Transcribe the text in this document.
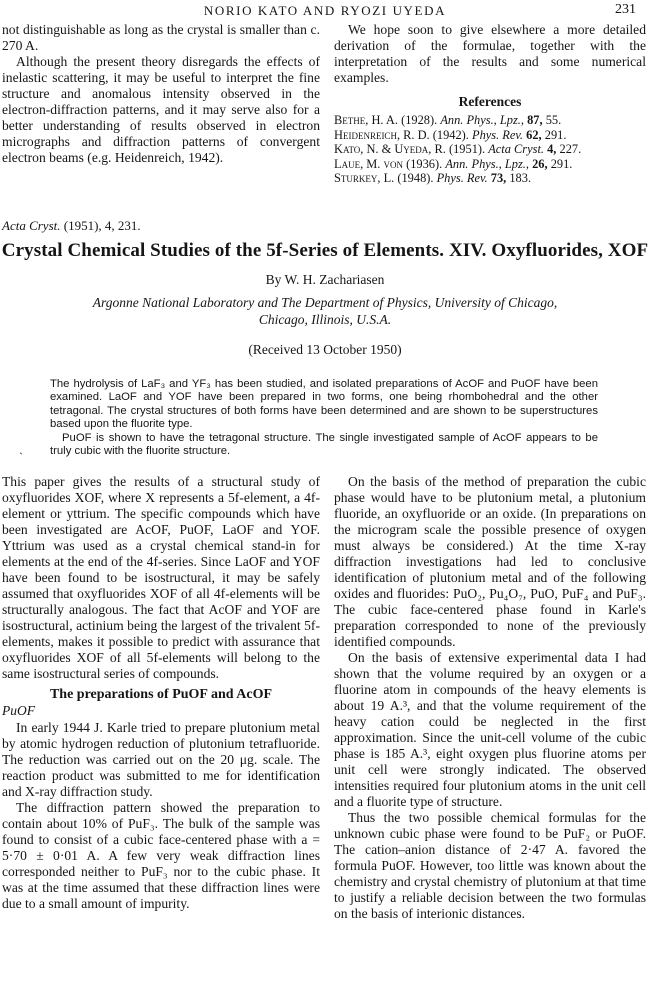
NORIO KATO AND RYOZI UYEDA	231

not distinguishable as long as the crystal is smaller than c. 270 A.

Although the present theory disregards the effects of inelastic scattering, it may be useful to interpret the fine structure and anomalous intensity observed in the electron-diffraction patterns, and it may serve also for a better understanding of results observed in electron micrographs and diffraction patterns of convergent electron beams (e.g. Heidenreich, 1942).

We hope soon to give elsewhere a more detailed derivation of the formulae, together with the interpretation of the results and some numerical examples.

References
Bethe, H. A. (1928). Ann. Phys., Lpz., 87, 55.
Heidenreich, R. D. (1942). Phys. Rev. 62, 291.
Kato, N. & Uyeda, R. (1951). Acta Cryst. 4, 227.
Laue, M. von (1936). Ann. Phys., Lpz., 26, 291.
Sturkey, L. (1948). Phys. Rev. 73, 183.
Acta Cryst. (1951), 4, 231.
Crystal Chemical Studies of the 5f-Series of Elements. XIV. Oxyfluorides, XOF
By W. H. Zachariasen
Argonne National Laboratory and The Department of Physics, University of Chicago,
Chicago, Illinois, U.S.A.
(Received 13 October 1950)

The hydrolysis of LaF₃ and YF₃ has been studied, and isolated preparations of AcOF and PuOF have been examined. LaOF and YOF have been prepared in two forms, one being rhombohedral and the other tetragonal. The crystal structures of both forms have been determined and are shown to be superstructures based upon the fluorite type.

PuOF is shown to have the tetragonal structure. The single investigated sample of AcOF appears to be truly cubic with the fluorite structure.

`

This paper gives the results of a structural study of oxyfluorides XOF, where X represents a 5f-element, a 4f-element or yttrium. The specific compounds which have been investigated are AcOF, PuOF, LaOF and YOF. Yttrium was used as a crystal chemical stand-in for elements at the end of the 4f-series. Since LaOF and YOF have been found to be isostructural, it may be safely assumed that oxyfluorides XOF of all 4f-elements will be structurally analogous. The fact that AcOF and YOF are isostructural, actinium being the largest of the trivalent 5f-elements, makes it possible to predict with assurance that oxyfluorides XOF of all 5f-elements will belong to the same isostructural series of compounds.

The preparations of PuOF and AcOF
PuOF

In early 1944 J. Karle tried to prepare plutonium metal by atomic hydrogen reduction of plutonium tetrafluoride. The reduction was carried out on the 20 μg. scale. The reaction product was submitted to me for identification and X-ray diffraction study.

The diffraction pattern showed the preparation to contain about 10% of PuF₃. The bulk of the sample was found to consist of a cubic face-centered phase with a = 5·70 ± 0·01 A. A few very weak diffraction lines corresponded neither to PuF₃ nor to the cubic phase. It was at the time assumed that these diffraction lines were due to a small amount of impurity.

On the basis of the method of preparation the cubic phase would have to be plutonium metal, a plutonium fluoride, an oxyfluoride or an oxide. (In preparations on the microgram scale the possible presence of oxygen must always be considered.) At the time X-ray diffraction investigations had led to conclusive identification of plutonium metal and of the following oxides and fluorides: PuO₂, Pu₄O₇, PuO, PuF₄ and PuF₃. The cubic face-centered phase found in Karle's preparation corresponded to none of the previously identified compounds.

On the basis of extensive experimental data I had shown that the volume required by an oxygen or a fluorine atom in compounds of the heavy elements is about 19 A.³, and that the volume requirement of the heavy cation could be neglected in the first approximation. Since the unit-cell volume of the cubic phase is 185 A.³, eight oxygen plus fluorine atoms per unit cell were strongly indicated. The observed intensities required four plutonium atoms in the unit cell and a fluorite type of structure.

Thus the two possible chemical formulas for the unknown cubic phase were found to be PuF₂ or PuOF. The cation–anion distance of 2·47 A. favored the formula PuOF. However, too little was known about the chemistry and crystal chemistry of plutonium at that time to justify a reliable decision between the two formulas on the basis of interionic distances.
